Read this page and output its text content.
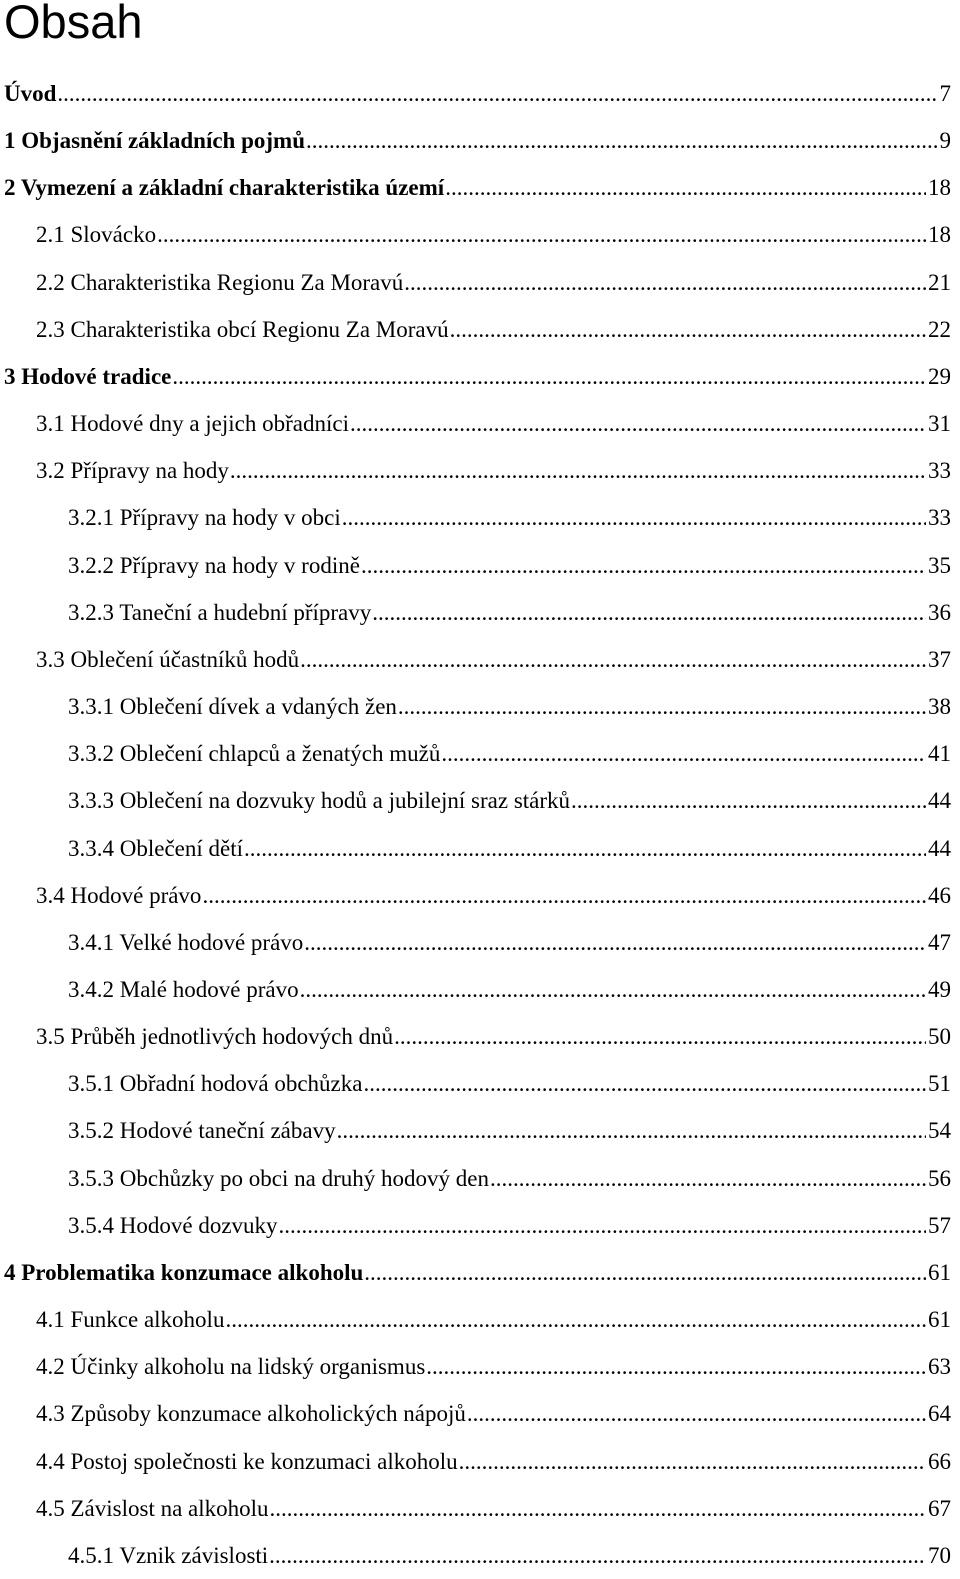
Obsah
Úvod .....	7
1 Objasnění základních pojmů .....	9
2 Vymezení a základní charakteristika území .....	18
2.1 Slovácko .....	18
2.2 Charakteristika Regionu Za Moravú .....	21
2.3 Charakteristika obcí Regionu Za Moravú .....	22
3 Hodové tradice .....	29
3.1 Hodové dny a jejich obřadníci .....	31
3.2 Přípravy na hody .....	33
3.2.1 Přípravy na hody v obci .....	33
3.2.2 Přípravy na hody v rodině .....	35
3.2.3 Taneční a hudební přípravy .....	36
3.3 Oblečení účastníků hodů .....	37
3.3.1 Oblečení dívek a vdaných žen .....	38
3.3.2 Oblečení chlapců a ženatých mužů .....	41
3.3.3 Oblečení na dozvuky hodů a jubilejní sraz stárků .....	44
3.3.4 Oblečení dětí .....	44
3.4 Hodové právo .....	46
3.4.1 Velké hodové právo .....	47
3.4.2 Malé hodové právo .....	49
3.5 Průběh jednotlivých hodových dnů .....	50
3.5.1 Obřadní hodová obchůzka .....	51
3.5.2 Hodové taneční zábavy .....	54
3.5.3 Obchůzky po obci na druhý hodový den .....	56
3.5.4 Hodové dozvuky .....	57
4 Problematika konzumace alkoholu .....	61
4.1 Funkce alkoholu .....	61
4.2 Účinky alkoholu na lidský organismus .....	63
4.3 Způsoby konzumace alkoholických nápojů .....	64
4.4 Postoj společnosti ke konzumaci alkoholu .....	66
4.5 Závislost na alkoholu .....	67
4.5.1 Vznik závislosti .....	70
